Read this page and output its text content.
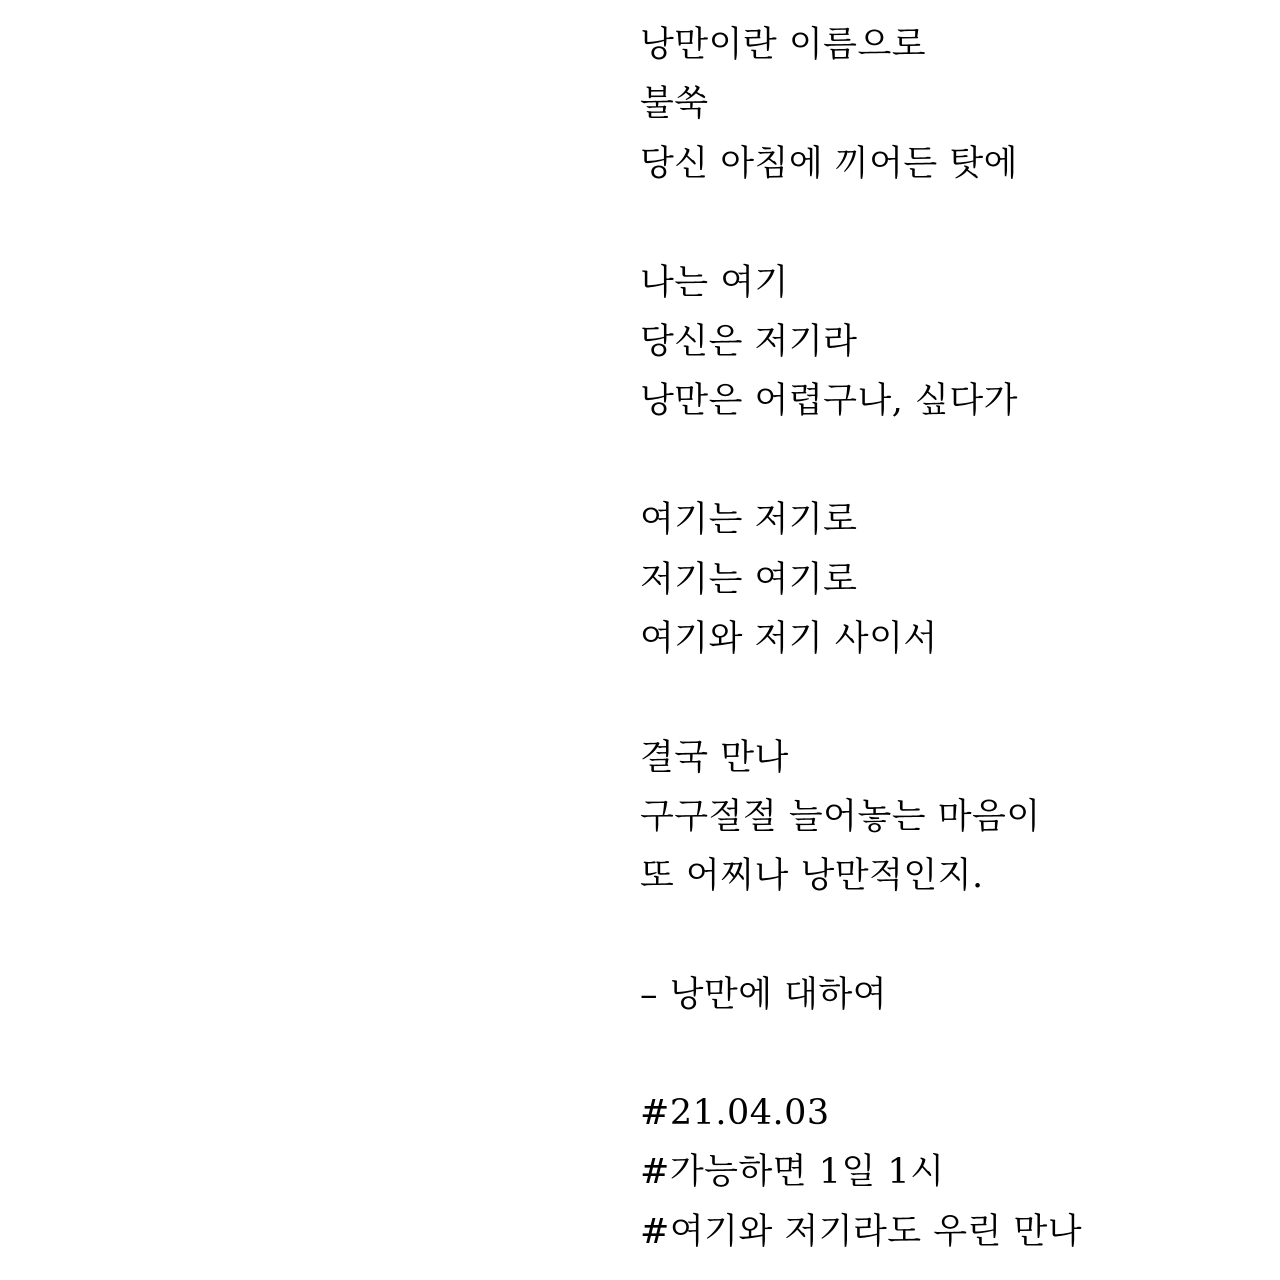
낭만이란 이름으로
불쑥
당신 아침에 끼어든 탓에
나는 여기
당신은 저기라
낭만은 어렵구나, 싶다가
여기는 저기로
저기는 여기로
여기와 저기 사이서
결국 만나
구구절절 늘어놓는 마음이
또 어찌나 낭만적인지.
– 낭만에 대하여
#21.04.03
#가능하면 1일 1시
#여기와 저기라도 우린 만나
